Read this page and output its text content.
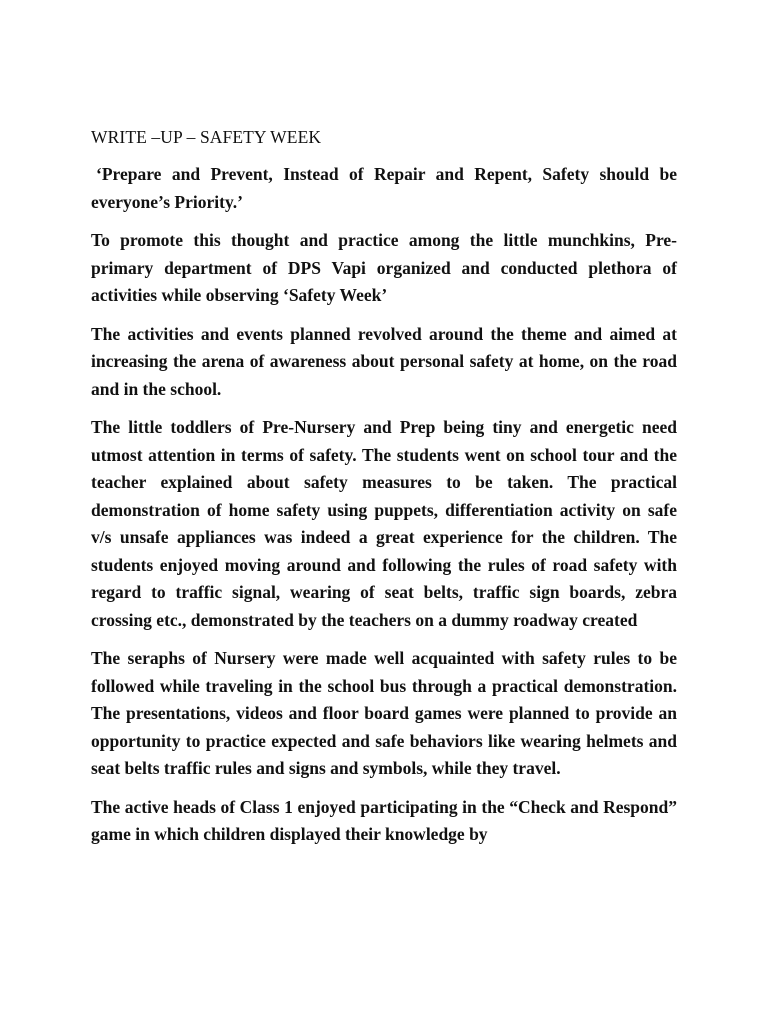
WRITE –UP – SAFETY WEEK

‘Prepare and Prevent, Instead of Repair and Repent, Safety should be everyone’s Priority.’

To promote this thought and practice among the little munchkins, Pre-primary department of DPS Vapi organized and conducted plethora of activities while observing ‘Safety Week’

The activities and events planned revolved around the theme and aimed at increasing the arena of awareness about personal safety at home, on the road and in the school.

The little toddlers of Pre-Nursery and Prep being tiny and energetic need utmost attention in terms of safety. The students went on school tour and the teacher explained about safety measures to be taken. The practical demonstration of home safety using puppets, differentiation activity on safe v/s unsafe appliances was indeed a great experience for the children. The students enjoyed moving around and following the rules of road safety with regard to traffic signal, wearing of seat belts, traffic sign boards, zebra crossing etc., demonstrated by the teachers on a dummy roadway created

The seraphs of Nursery were made well acquainted with safety rules to be followed while traveling in the school bus through a practical demonstration. The presentations, videos and floor board games were planned to provide an opportunity to practice expected and safe behaviors like wearing helmets and seat belts traffic rules and signs and symbols, while they travel.

The active heads of Class 1 enjoyed participating in the “Check and Respond” game in which children displayed their knowledge by
